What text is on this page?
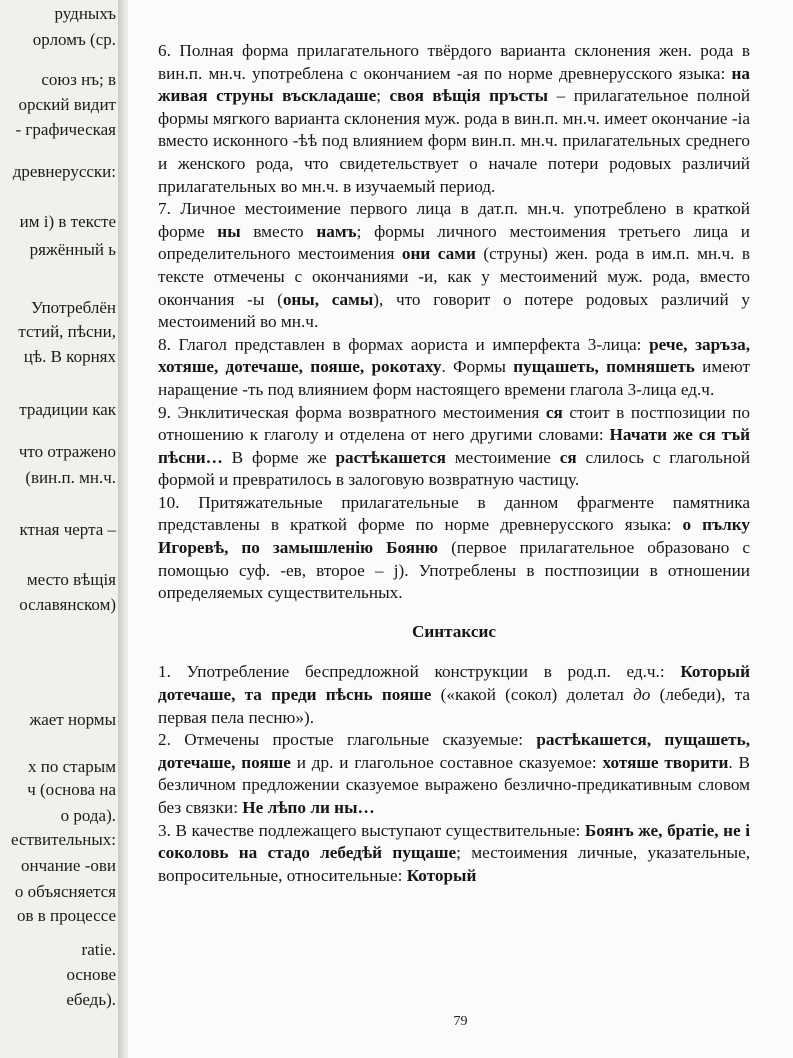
рудныхъ
орломъ (ср.
союз нъ; в
орский видит
- графическая
древнерусски:
им і) в тексте
ряжённый ь
Употреблён
тстий, пѣсни,
цѣ. В корнях
традиции как
что отражено
(вин.п. мн.ч.
ктная черта –
место вѣщія
ославянском)
жает нормы
х по старым
ч (основа на
о рода).
ествительных:
ончание -ови
о объясняется
ов в процессе
ratіе.
основе
ебедь).

6. Полная форма прилагательного твёрдого варианта склонения жен. рода в вин.п. мн.ч. употреблена с окончанием -ая по норме древнерусского языка: на живая струны въскладаше; своя вѣщія пръсты – прилагательное полной формы мягкого варианта склонения муж. рода в вин.п. мн.ч. имеет окончание -іа вместо исконного -ѣѣ под влиянием форм вин.п. мн.ч. прилагательных среднего и женского рода, что свидетельствует о начале потери родовых различий прилагательных во мн.ч. в изучаемый период.

7. Личное местоимение первого лица в дат.п. мн.ч. употреблено в краткой форме ны вместо намъ; формы личного местоимения третьего лица и определительного местоимения они сами (струны) жен. рода в им.п. мн.ч. в тексте отмечены с окончаниями -и, как у местоимений муж. рода, вместо окончания -ы (оны, самы), что говорит о потере родовых различий у местоимений во мн.ч.

8. Глагол представлен в формах аориста и имперфекта 3-лица: рече, заръза, хотяше, дотечаше, пояше, рокотаху. Формы пущашеть, помняшеть имеют наращение -ть под влиянием форм настоящего времени глагола 3-лица ед.ч.

9. Энклитическая форма возвратного местоимения ся стоит в постпозиции по отношению к глаголу и отделена от него другими словами: Начати же ся тъй пѣсни… В форме же растѣкашется местоимение ся слилось с глагольной формой и превратилось в залоговую возвратную частицу.

10. Притяжательные прилагательные в данном фрагменте памятника представлены в краткой форме по норме древнерусского языка: о пълку Игоревѣ, по замышленію Бояню (первое прилагательное образовано с помощью суф. -ев, второе – j). Употреблены в постпозиции в отношении определяемых существительных.

Синтаксис

1. Употребление беспредложной конструкции в род.п. ед.ч.: Который дотечаше, та преди пѣснь пояше («какой (сокол) долетал до (лебеди), та первая пела песню»).

2. Отмечены простые глагольные сказуемые: растѣкашется, пущашеть, дотечаше, пояше и др. и глагольное составное сказуемое: хотяше творити. В безличном предложении сказуемое выражено безлично-предикативным словом без связки: Не лѣпо ли ны…

3. В качестве подлежащего выступают существительные: Боянъ же, братіе, не і соколовь на стадо лебедѣй пущаше; местоимения личные, указательные, вопросительные, относительные: Который

79
